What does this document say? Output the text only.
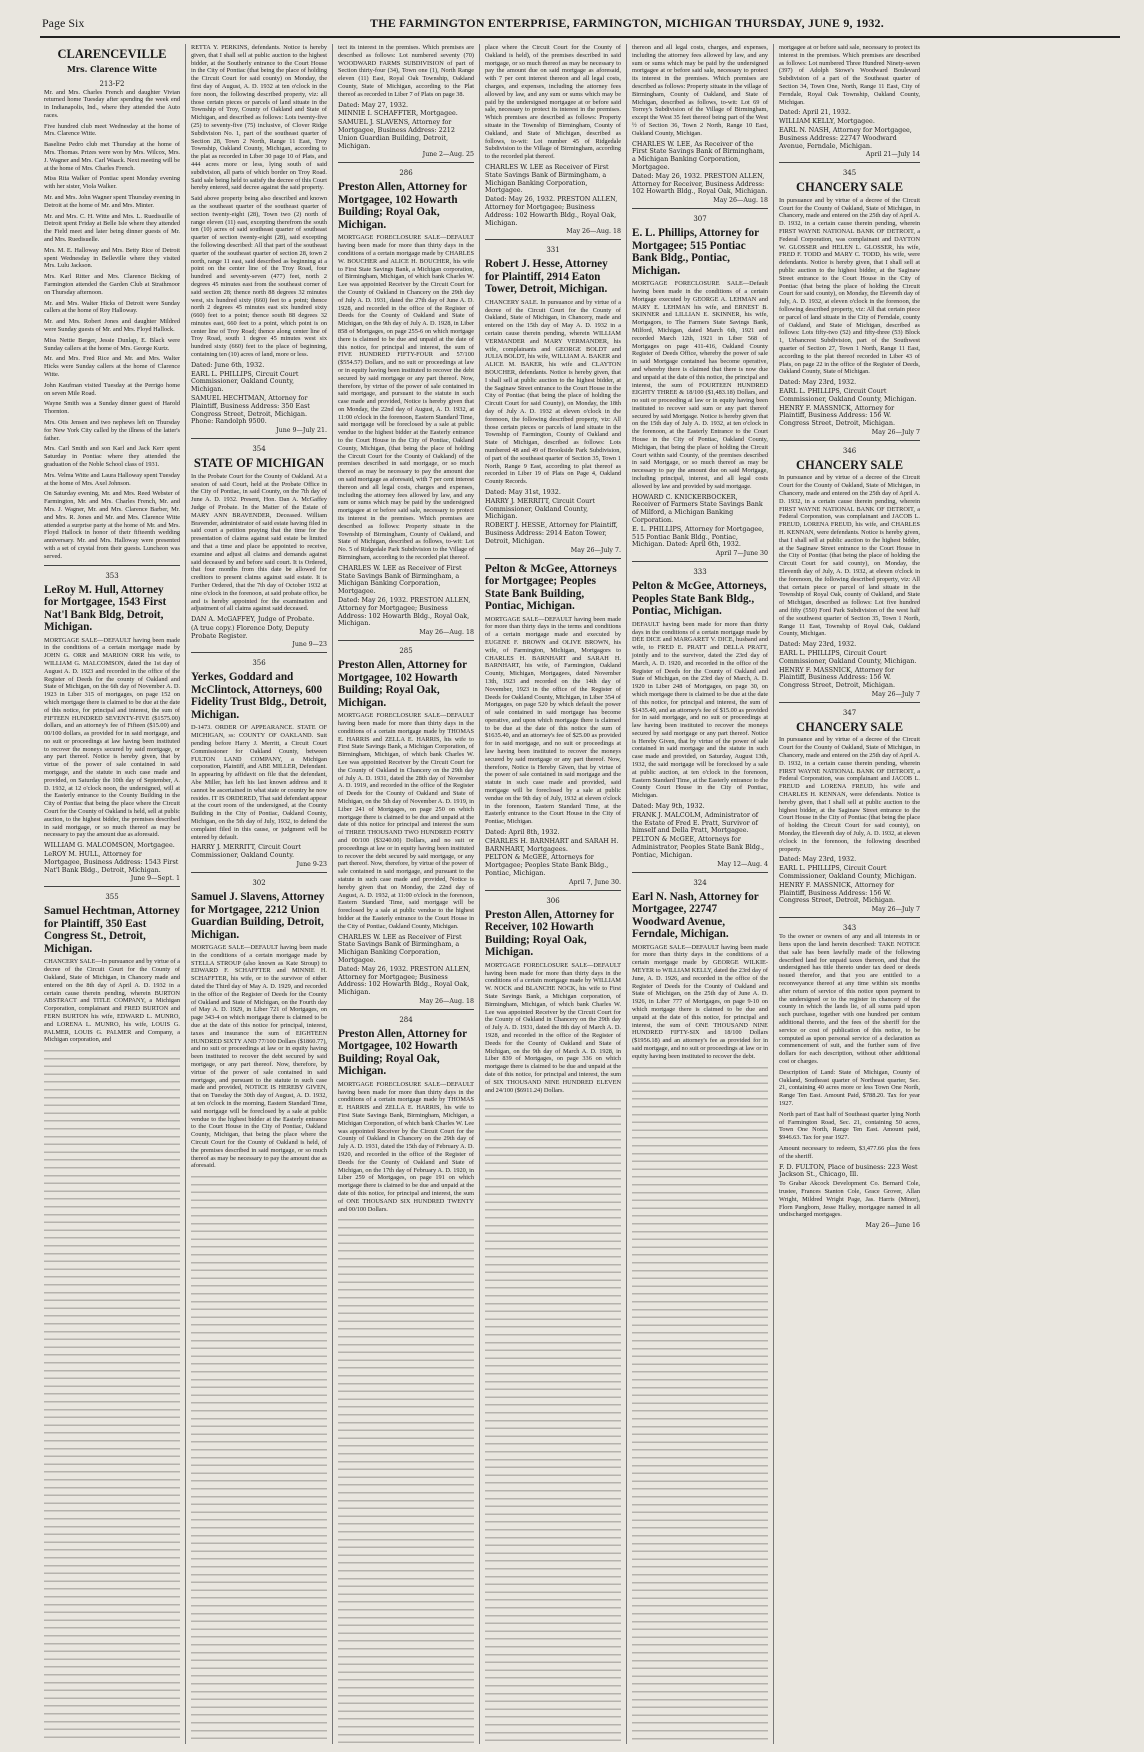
Page Six	THE FARMINGTON ENTERPRISE, FARMINGTON, MICHIGAN THURSDAY, JUNE 9, 1932.
CLARENCEVILLE
Mrs. Clarence Witte
213-F2

Mr. and Mrs. Charles French and daughter Vivian returned home Tuesday after spending the week end in Indianapolis, Ind., where they attended the Auto races.

Five hundred club meet Wednesday at the home of Mrs. Clarence Witte.

Baseline Pedro club met Thursday at the home of Mrs. Thomas. Prizes were won by Mrs. Wilcox, Mrs. J. Wagner and Mrs. Carl Waack. Next meeting will be at the home of Mrs. Charles French.

Miss Rita Walker of Pontiac spent Monday evening with her sister, Viola Walker.

Mr. and Mrs. John Wagner spent Thursday evening in Detroit at the home of Mr. and Mrs. Minter.

Mr. and Mrs. C. H. Witte and Mrs. L. Ruedisuille of Detroit spent Friday at Belle Isle where they attended the Field meet and later being dinner guests of Mr. and Mrs. Ruedisuelle.

Mrs. M. E. Halloway and Mrs. Betty Rice of Detroit spent Wednesday in Belleville where they visited Mrs. Lulu Jackson.

Mrs. Karl Ritter and Mrs. Clarence Bicking of Farmington attended the Garden Club at Strathmoor on Thursday afternoon.

Mr. and Mrs. Walter Hicks of Detroit were Sunday callers at the home of Roy Halloway.

Mr. and Mrs. Robert Jones and daughter Mildred were Sunday guests of Mr. and Mrs. Floyd Hallock.

Miss Nettie Berger, Jessie Dunlap, E. Black were Sunday callers at the home of Mrs. George Kurtz.

Mr. and Mrs. Fred Rice and Mr. and Mrs. Walter Hicks were Sunday callers at the home of Clarence Witte.

John Kaufman visited Tuesday at the Perrigo home on seven Mile Road.

Wayne Smith was a Sunday dinner guest of Harold Thornton.

Mrs. Otis Jensen and two nephews left on Thursday for New York City called by the illness of the latter's father.

Mrs. Carl Smith and son Karl and Jack Kerr spent Saturday in Pontiac where they attended the graduation of the Noble School class of 1931.

Mrs. Velma Witte and Laura Halloway spent Tuesday at the home of Mrs. Axel Johnson.

On Saturday evening, Mr. and Mrs. Reed Webster of Farmington, Mr. and Mrs. Charles French, Mr. and Mrs. J. Wagner, Mr. and Mrs. Clarence Barber, Mr. and Mrs. R. Jones and Mr. and Mrs. Clarence Witte attended a surprise party at the home of Mr. and Mrs. Floyd Hallock in honor of their fifteenth wedding anniversary. Mr. and Mrs. Halloway were presented with a set of crystal from their guests. Luncheon was served.

353
LeRoy M. Hull, Attorney for Mortgagee, 1543 First Nat'l Bank Bldg, Detroit, Michigan.

MORTGAGE SALE—DEFAULT having been made in the conditions of a certain mortgage made by JOHN G. ORR and MARION ORR his wife, to WILLIAM G. MALCOMSON, dated the 1st day of August A. D. 1923 and recorded in the office of the Register of Deeds for the county of Oakland and State of Michigan, on the 6th day of November A. D. 1923 in Liber 315 of mortgages, on page 152 on which mortgage there is claimed to be due at the date of this notice, for principal and interest, the sum of FIFTEEN HUNDRED SEVENTY-FIVE ($1575.00) dollars, and an attorney's fee of Fifteen ($15.00) and 00/100 dollars, as provided for in said mortgage, and no suit or proceedings at law having been instituted to recover the moneys secured by said mortgage, or any part thereof. Notice is hereby given, that by virtue of the power of sale contained in said mortgage, and the statute in such case made and provided, on Saturday the 10th day of September, A. D. 1932, at 12 o'clock noon, the undersigned, will at the Easterly entrance to the County Building in the City of Pontiac that being the place where the Circuit Court for the County of Oakland is held, sell at public auction, to the highest bidder, the premises described in said mortgage, or so much thereof as may be necessary to pay the amount due as aforesaid.

WILLIAM G. MALCOMSON, Mortgagee.

LeROY M. HULL, Attorney for Mortgagee, Business Address: 1543 First Nat'l Bank Bldg., Detroit, Michigan.

June 9—Sept. 1
355
Samuel Hechtman, Attorney for Plaintiff, 350 East Congress St., Detroit, Michigan.

CHANCERY SALE—In pursuance and by virtue of a decree of the Circuit Court for the County of Oakland, State of Michigan, in Chancery made and entered on the 8th day of April A. D. 1932 in a certain cause therein pending, wherein BURTON ABSTRACT and TITLE COMPANY, a Michigan Corporation, complainant and FRED BURTON and FERN BURTON his wife, EDWARD L. MUNRO, and LORENA L. MUNRO, his wife, LOUIS G. PALMER, LOUIS G. PALMER and Company, a Michigan corporation, and

RETTA Y. PERKINS, defendants. Notice is hereby given, that I shall sell at public auction to the highest bidder, at the Southerly entrance to the Court House in the City of Pontiac (that being the place of holding the Circuit Court for said county) on Monday, the first day of August, A. D. 1932 at ten o'clock in the fore noon, the following described property, viz: all those certain pieces or parcels of land situate in the Township of Troy, County of Oakland and State of Michigan, and described as follows: Lots twenty-five (25) to seventy-five (75) inclusive, of Clover Ridge Subdivision No. 1, part of the southeast quarter of Section 28, Town 2 North, Range 11 East, Troy Township, Oakland County, Michigan, according to the plat as recorded in Liber 30 page 10 of Plats, and 444 acres more or less, lying south of said subdivision, all parts of which border on Troy Road. Said sale being held to satisfy the decree of this Court hereby entered, said decree against the said property.

Said above property being also described and known as the southeast quarter of the southeast quarter of section twenty-eight (28), Town two (2) north of range eleven (11) east, excepting therefrom the south ten (10) acres of said southeast quarter of southeast quarter of section twenty-eight (28), said excepting the following described: All that part of the southeast quarter of the southeast quarter of section 28, town 2 north, range 11 east, said described as beginning at a point on the center line of the Troy Road, four hundred and seventy-seven (477) feet, north 2 degrees 45 minutes east from the southeast corner of said section 28; thence north 88 degrees 32 minutes west, six hundred sixty (660) feet to a point; thence north 2 degrees 45 minutes east six hundred sixty (660) feet to a point; thence south 88 degrees 32 minutes east, 660 feet to a point, which point is on center line of Troy Road; thence along center line of Troy Road, south 1 degree 45 minutes west six hundred sixty (660) feet to the place of beginning, containing ten (10) acres of land, more or less.

Dated: June 6th, 1932.

EARL L. PHILLIPS, Circuit Court Commissioner, Oakland County, Michigan.

SAMUEL HECHTMAN, Attorney for Plaintiff, Business Address: 350 East Congress Street, Detroit, Michigan. Phone: Randolph 9500.

June 9—July 21.
354
STATE OF MICHIGAN

In the Probate Court for the County of Oakland. At a session of said Court, held at the Probate Office in the City of Pontiac, in said County, on the 7th day of June A. D. 1932. Present, Hon. Dan A. McGaffey Judge of Probate. In the Matter of the Estate of MARY ANN BRAVENDER, Deceased. William Bravender, administrator of said estate having filed in said court a petition praying that the time for the presentation of claims against said estate be limited and that a time and place be appointed to receive, examine and adjust all claims and demands against said deceased by and before said court. It is Ordered, that four months from this date be allowed for creditors to present claims against said estate. It is Further Ordered, that the 7th day of October 1932 at nine o'clock in the forenoon, at said probate office, be and is hereby appointed for the examination and adjustment of all claims against said deceased.

DAN A. McGAFFEY, Judge of Probate.

(A true copy.) Florence Doty, Deputy Probate Register.

June 9—23
356
Yerkes, Goddard and McClintock, Attorneys, 600 Fidelity Trust Bldg., Detroit, Michigan.

D-1473. ORDER OF APPEARANCE. STATE OF MICHIGAN, ss: COUNTY OF OAKLAND. Suit pending before Harry J. Merritt, a Circuit Court Commissioner for Oakland County, between FULTON LAND COMPANY, a Michigan corporation, Plaintiff, and ABE MILLER, Defendant. In appearing by affidavit on file that the defendant, Abe Miller, has left his last known address and it cannot be ascertained in what state or country he now resides. IT IS ORDERED, That said defendant appear at the court room of the undersigned, at the County Building in the City of Pontiac, Oakland County, Michigan, on the 5th day of July, 1932, to defend the complaint filed in this cause, or judgment will be entered by default.

HARRY J. MERRITT, Circuit Court Commissioner, Oakland County.

June 9-23
302
Samuel J. Slavens, Attorney for Mortgagee, 2212 Union Guardian Building, Detroit, Michigan.

MORTGAGE SALE—DEFAULT having been made in the conditions of a certain mortgage made by STELLA STROUP (also known as Kate Stroup) to EDWARD F. SCHAFFTER and MINNIE H. SCHAFFTER, his wife, or to the survivor of either dated the Third day of May A. D. 1929, and recorded in the office of the Register of Deeds for the County of Oakland and State of Michigan, on the Fourth day of May A. D. 1929, in Liber 721 of Mortgages, on page 343-4 on which mortgage there is claimed to be due at the date of this notice for principal, interest, taxes and insurance the sum of EIGHTEEN HUNDRED SIXTY AND 77/100 Dollars ($1860.77), and no suit or proceedings at law or in equity having been instituted to recover the debt secured by said mortgage, or any part thereof. Now, therefore, by virtue of the power of sale contained in said mortgage, and pursuant to the statute in such case made and provided, NOTICE IS HEREBY GIVEN, that on Tuesday the 30th day of August, A. D. 1932, at ten o'clock in the morning, Eastern Standard Time, said mortgage will be foreclosed by a sale at public vendue to the highest bidder at the Easterly entrance to the Court House in the City of Pontiac, Oakland County, Michigan, that being the place where the Circuit Court for the County of Oakland is held, of the premises described in said mortgage, or so much thereof as may be necessary to pay the amount due as aforesaid.

tect its interest in the premises. Which premises are described as follows: Lot numbered seventy (70) WOODWARD FARMS SUBDIVISION of part of Section thirty-four (34), Town one (1), North Range eleven (11) East, Royal Oak Township, Oakland County, State of Michigan, according to the Plat thereof as recorded in Liber 7 of Plats on page 38.

Dated: May 27, 1932.

MINNIE I. SCHAFFTER, Mortgagee.

SAMUEL J. SLAVENS, Attorney for Mortgagee, Business Address: 2212 Union Guardian Building, Detroit, Michigan.

June 2—Aug. 25
286
Preston Allen, Attorney for Mortgagee, 102 Howarth Building; Royal Oak, Michigan.

MORTGAGE FORECLOSURE SALE—DEFAULT having been made for more than thirty days in the conditions of a certain mortgage made by CHARLES W. BOUCHER and ALICE H. BOUCHER, his wife to First State Savings Bank, a Michigan corporation, of Birmingham, Michigan, of which bank Charles W. Lee was appointed Receiver by the Circuit Court for the County of Oakland in Chancery on the 29th day of July A. D. 1931, dated the 27th day of June A. D. 1928, and recorded in the office of the Register of Deeds for the County of Oakland and State of Michigan, on the 9th day of July A. D. 1928, in Liber 858 of Mortgages, on page 255-6 on which mortgage there is claimed to be due and unpaid at the date of this notice, for principal and interest, the sum of FIVE HUNDRED FIFTY-FOUR and 57/100 ($554.57) Dollars, and no suit or proceedings at law or in equity having been instituted to recover the debt secured by said mortgage or any part thereof. Now, therefore, by virtue of the power of sale contained in said mortgage, and pursuant to the statute in such case made and provided, Notice is hereby given that on Monday, the 22nd day of August, A. D. 1932, at 11:00 o'clock in the forenoon, Eastern Standard Time, said mortgage will be foreclosed by a sale at public vendue to the highest bidder at the Easterly entrance to the Court House in the City of Pontiac, Oakland County, Michigan, (that being the place of holding the Circuit Court for the County of Oakland) of the premises described in said mortgage, or so much thereof as may be necessary to pay the amount due on said mortgage as aforesaid, with 7 per cent interest thereon and all legal costs, charges and expenses, including the attorney fees allowed by law, and any sum or sums which may be paid by the undersigned mortgagee at or before said sale, necessary to protect its interest in the premises. Which premises are described as follows: Property situate in the Township of Birmingham, County of Oakland, and State of Michigan, described as follows, to-wit: Lot No. 5 of Ridgedale Park Subdivision to the Village of Birmingham, according to the recorded plat thereof.

CHARLES W. LEE as Receiver of First State Savings Bank of Birmingham, a Michigan Banking Corporation, Mortgagee.

Dated: May 26, 1932. PRESTON ALLEN, Attorney for Mortgagee; Business Address: 102 Howarth Bldg., Royal Oak, Michigan.

May 26—Aug. 18
285
Preston Allen, Attorney for Mortgagee, 102 Howarth Building; Royal Oak, Michigan.

MORTGAGE FORECLOSURE SALE—DEFAULT having been made for more than thirty days in the conditions of a certain mortgage made by THOMAS E. HARRIS and ZELLA E. HARRIS, his wife to First State Savings Bank, a Michigan Corporation, of Birmingham, Michigan, of which bank Charles W. Lee was appointed Receiver by the Circuit Court for the County of Oakland in Chancery on the 29th day of July A. D. 1931, dated the 28th day of November A. D. 1919, and recorded in the office of the Register of Deeds for the County of Oakland and State of Michigan, on the 5th day of November A. D. 1919, in Liber 241 of Mortgages, on page 250 on which mortgage there is claimed to be due and unpaid at the date of this notice for principal and interest the sum of THREE THOUSAND TWO HUNDRED FORTY and 00/100 ($3240.00) Dollars, and no suit or proceedings at law or in equity having been instituted to recover the debt secured by said mortgage, or any part thereof. Now, therefore, by virtue of the power of sale contained in said mortgage, and pursuant to the statute in such case made and provided, Notice is hereby given that on Monday, the 22nd day of August, A. D. 1932, at 11:00 o'clock in the forenoon, Eastern Standard Time, said mortgage will be foreclosed by a sale at public vendue to the highest bidder at the Easterly entrance to the Court House in the City of Pontiac, Oakland County, Michigan.

CHARLES W. LEE as Receiver of First State Savings Bank of Birmingham, a Michigan Banking Corporation, Mortgagee.

Dated: May 26, 1932. PRESTON ALLEN, Attorney for Mortgagee; Business Address: 102 Howarth Bldg., Royal Oak, Michigan.

May 26—Aug. 18
284
Preston Allen, Attorney for Mortgagee, 102 Howarth Building; Royal Oak, Michigan.

MORTGAGE FORECLOSURE SALE—DEFAULT having been made for more than thirty days in the conditions of a certain mortgage made by THOMAS E. HARRIS and ZELLA E. HARRIS, his wife to First State Savings Bank, Birmingham, Michigan, a Michigan Corporation, of which bank Charles W. Lee was appointed Receiver by the Circuit Court for the County of Oakland in Chancery on the 29th day of July A. D. 1931, dated the 15th day of February A. D. 1920, and recorded in the office of the Register of Deeds for the County of Oakland and State of Michigan, on the 17th day of February A. D. 1920, in Liber 259 of Mortgages, on page 191 on which mortgage there is claimed to be due and unpaid at the date of this notice, for principal and interest, the sum of ONE THOUSAND SIX HUNDRED TWENTY and 00/100 Dollars.

place where the Circuit Court for the County of Oakland is held), of the premises described in said mortgage, or so much thereof as may be necessary to pay the amount due on said mortgage as aforesaid, with 7 per cent interest thereon and all legal costs, charges, and expenses, including the attorney fees allowed by law, and any sum or sums which may be paid by the undersigned mortgagee at or before said sale, necessary to protect its interest in the premises. Which premises are described as follows: Property situate in the Township of Birmingham, County of Oakland, and State of Michigan, described as follows, to-wit: Lot number 45 of Ridgedale Subdivision to the Village of Birmingham, according to the recorded plat thereof.

CHARLES W. LEE as Receiver of First State Savings Bank of Birmingham, a Michigan Banking Corporation, Mortgagee.

Dated: May 26, 1932. PRESTON ALLEN, Attorney for Mortgagee; Business Address: 102 Howarth Bldg., Royal Oak, Michigan.

May 26—Aug. 18
331
Robert J. Hesse, Attorney for Plaintiff, 2914 Eaton Tower, Detroit, Michigan.

CHANCERY SALE. In pursuance and by virtue of a decree of the Circuit Court for the County of Oakland, State of Michigan, in Chancery, made and entered on the 15th day of May A. D. 1932 in a certain cause therein pending, wherein WILLIAM VERMANDER and MARY VERMANDER, his wife, complainants and GEORGE BOLDT and JULIA BOLDT, his wife, WILLIAM A. BAKER and ALICE M. BAKER, his wife and CLAYTON BOUCHER, defendants. Notice is hereby given, that I shall sell at public auction to the highest bidder, at the Saginaw Street entrance to the Court House in the City of Pontiac (that being the place of holding the Circuit Court for said County), on Monday, the 18th day of July A. D. 1932 at eleven o'clock in the forenoon, the following described property, viz: All those certain pieces or parcels of land situate in the Township of Farmington, County of Oakland and State of Michigan, described as follows: Lots numbered 48 and 49 of Brookside Park Subdivision, of part of the southeast quarter of Section 35, Town 1 North, Range 9 East, according to plat thereof as recorded in Liber 19 of Plats on Page 4, Oakland County Records.

Dated: May 31st, 1932.

HARRY J. MERRITT, Circuit Court Commissioner, Oakland County, Michigan.

ROBERT J. HESSE, Attorney for Plaintiff, Business Address: 2914 Eaton Tower, Detroit, Michigan.

May 26—July 7.
Pelton & McGee, Attorneys for Mortgagee; Peoples State Bank Building, Pontiac, Michigan.

MORTGAGE SALE—DEFAULT having been made for more than thirty days in the terms and conditions of a certain mortgage made and executed by EUGENE F. BROWN and OLIVE BROWN, his wife, of Farmington, Michigan, Mortgagors to CHARLES H. BARNHART and SARAH H. BARNHART, his wife, of Farmington, Oakland County, Michigan, Mortgagees, dated November 13th, 1923 and recorded on the 14th day of November, 1923 in the office of the Register of Deeds for Oakland County, Michigan, in Liber 354 of Mortgages, on page 520 by which default the power of sale contained in said mortgage has become operative, and upon which mortgage there is claimed to be due at the date of this notice the sum of $1635.40, and an attorney's fee of $25.00 as provided for in said mortgage, and no suit or proceedings at law having been instituted to recover the moneys secured by said mortgage or any part thereof. Now, therefore, Notice is Hereby Given, that by virtue of the power of sale contained in said mortgage and the statute in such case made and provided, said mortgage will be foreclosed by a sale at public vendue on the 9th day of July, 1932 at eleven o'clock in the forenoon, Eastern Standard Time, at the Easterly entrance to the Court House in the City of Pontiac, Michigan.

Dated: April 8th, 1932.

CHARLES H. BARNHART and SARAH H. BARNHART, Mortgagees.

PELTON & McGEE, Attorneys for Mortgagee; Peoples State Bank Bldg., Pontiac, Michigan.

April 7, June 30.
306
Preston Allen, Attorney for Receiver, 102 Howarth Building; Royal Oak, Michigan.

MORTGAGE FORECLOSURE SALE—DEFAULT having been made for more than thirty days in the conditions of a certain mortgage made by WILLIAM W. NOCK and BLANCHE NOCK, his wife to First State Savings Bank, a Michigan corporation, of Birmingham, Michigan, of which bank Charles W. Lee was appointed Receiver by the Circuit Court for the County of Oakland in Chancery on the 29th day of July A. D. 1931, dated the 8th day of March A. D. 1928, and recorded in the office of the Register of Deeds for the County of Oakland and State of Michigan, on the 9th day of March A. D. 1928, in Liber 839 of Mortgages, on page 336 on which mortgage there is claimed to be due and unpaid at the date of this notice, for principal and interest, the sum of SIX THOUSAND NINE HUNDRED ELEVEN and 24/100 ($6911.24) Dollars.

thereon and all legal costs, charges, and expenses, including the attorney fees allowed by law, and any sum or sums which may be paid by the undersigned mortgagee at or before said sale, necessary to protect its interest in the premises. Which premises are described as follows: Property situate in the village of Birmingham, County of Oakland, and State of Michigan, described as follows, to-wit: Lot 69 of Torrey's Subdivision of the Village of Birmingham, except the West 35 feet thereof being part of the West ½ of Section 36, Town 2 North, Range 10 East, Oakland County, Michigan.

CHARLES W. LEE, As Receiver of the First State Savings Bank of Birmingham, a Michigan Banking Corporation, Mortgagee.

Dated: May 26, 1932. PRESTON ALLEN, Attorney for Receiver, Business Address: 102 Howarth Bldg., Royal Oak, Michigan.

May 26—Aug. 18
307
E. L. Phillips, Attorney for Mortgagee; 515 Pontiac Bank Bldg., Pontiac, Michigan.

MORTGAGE FORECLOSURE SALE—Default having been made in the conditions of a certain Mortgage executed by GEORGE A. LEHMAN and MARY E. LEHMAN his wife, and ERNEST B. SKINNER and LILLIAN E. SKINNER, his wife, Mortgagors, to The Farmers State Savings Bank, Milford, Michigan, dated March 6th, 1921 and recorded March 12th, 1921 in Liber 568 of Mortgages on page 411-416, Oakland County Register of Deeds Office, whereby the power of sale in said Mortgage contained has become operative, and whereby there is claimed that there is now due and unpaid at the date of this notice, the principal and interest, the sum of FOURTEEN HUNDRED EIGHTY THREE & 18/100 ($1,483.18) Dollars, and no suit or proceeding at law or in equity having been instituted to recover said sum or any part thereof secured by said Mortgage. Notice is hereby given that on the 15th day of July A. D. 1932, at ten o'clock in the forenoon, at the Easterly Entrance to the Court House in the City of Pontiac, Oakland County, Michigan, that being the place of holding the Circuit Court within said County, of the premises described in said Mortgage, or so much thereof as may be necessary to pay the amount due on said Mortgage, including principal, interest, and all legal costs allowed by law and provided by said mortgage.

HOWARD C. KNICKERBOCKER, Receiver of Farmers State Savings Bank of Milford, a Michigan Banking Corporation.

E. L. PHILLIPS, Attorney for Mortgagee, 515 Pontiac Bank Bldg., Pontiac, Michigan. Dated: April 6th, 1932.

April 7—June 30
333
Pelton & McGee, Attorneys, Peoples State Bank Bldg., Pontiac, Michigan.

DEFAULT having been made for more than thirty days in the conditions of a certain mortgage made by DEE DICE and MARGARET V. DICE, husband and wife, to FRED E. PRATT and DELLA PRATT, jointly and to the survivor, dated the 23rd day of March, A. D. 1920, and recorded in the office of the Register of Deeds for the County of Oakland and State of Michigan, on the 23rd day of March, A. D. 1920 in Liber 248 of Mortgages, on page 30, on which mortgage there is claimed to be due at the date of this notice, for principal and interest, the sum of $1435.40, and an attorney's fee of $15.00 as provided for in said mortgage, and no suit or proceedings at law having been instituted to recover the moneys secured by said mortgage or any part thereof. Notice is Hereby Given, that by virtue of the power of sale contained in said mortgage and the statute in such case made and provided, on Saturday, August 13th, 1932, the said mortgage will be foreclosed by a sale at public auction, at ten o'clock in the forenoon, Eastern Standard Time, at the Easterly entrance to the County Court House in the City of Pontiac, Michigan.

Dated: May 9th, 1932.

FRANK J. MALCOLM, Administrator of the Estate of Fred E. Pratt, Survivor of himself and Della Pratt, Mortgagee.

PELTON & McGEE, Attorneys for Administrator, Peoples State Bank Bldg., Pontiac, Michigan.

May 12—Aug. 4
324
Earl N. Nash, Attorney for Mortgagee, 22747 Woodward Avenue, Ferndale, Michigan.

MORTGAGE SALE—DEFAULT having been made for more than thirty days in the conditions of a certain mortgage made by GEORGE WILKIE-MEYER to WILLIAM KELLY, dated the 23rd day of June, A. D. 1926, and recorded in the office of the Register of Deeds for the County of Oakland and State of Michigan, on the 25th day of June A. D. 1926, in Liber 777 of Mortgages, on page 9-10 on which mortgage there is claimed to be due and unpaid at the date of this notice, for principal and interest, the sum of ONE THOUSAND NINE HUNDRED FIFTY-SIX and 18/100 Dollars ($1956.18) and an attorney's fee as provided for in said mortgage, and no suit or proceedings at law or in equity having been instituted to recover the debt.

mortgagee at or before said sale, necessary to protect its interest in the premises. Which premises are described as follows: Lot numbered Three Hundred Ninety-seven (397) of Adolph Stowe's Woodward Boulevard Subdivision of a part of the Southeast quarter of Section 34, Town One, North, Range 11 East, City of Ferndale, Royal Oak Township, Oakland County, Michigan.

Dated: April 21, 1932.

WILLIAM KELLY, Mortgagee.

EARL N. NASH, Attorney for Mortgagee, Business Address: 22747 Woodward Avenue, Ferndale, Michigan.

April 21—July 14
345
CHANCERY SALE

In pursuance and by virtue of a decree of the Circuit Court for the County of Oakland, State of Michigan, in Chancery, made and entered on the 25th day of April A. D. 1932, in a certain cause therein pending, wherein FIRST WAYNE NATIONAL BANK OF DETROIT, a Federal Corporation, was complainant and DAYTON W. GLOSSER and HELEN L. GLOSSER, his wife, FRED F. TODD and MARY C. TODD, his wife, were defendants. Notice is hereby given, that I shall sell at public auction to the highest bidder, at the Saginaw Street entrance to the Court House in the City of Pontiac (that being the place of holding the Circuit Court for said county), on Monday, the Eleventh day of July, A. D. 1932, at eleven o'clock in the forenoon, the following described property, viz: All that certain piece or parcel of land situate in the City of Ferndale, county of Oakland, and State of Michigan, described as follows: Lots fifty-two (52) and fifty-three (53) Block 1, Urbancrest Subdivision, part of the Southwest quarter of Section 27, Town 1 North, Range 11 East, according to the plat thereof recorded in Liber 43 of Plats, on page 22 in the office of the Register of Deeds, Oakland County, State of Michigan.

Dated: May 23rd, 1932.

EARL L. PHILLIPS, Circuit Court Commissioner, Oakland County, Michigan.

HENRY F. MASSNICK, Attorney for Plaintiff, Business Address: 156 W. Congress Street, Detroit, Michigan.

May 26—July 7
346
CHANCERY SALE

In pursuance and by virtue of a decree of the Circuit Court for the County of Oakland, State of Michigan, in Chancery, made and entered on the 25th day of April A. D. 1932, in a certain cause therein pending, wherein FIRST WAYNE NATIONAL BANK OF DETROIT, a Federal Corporation, was complainant and JACOB L. FREUD, LORENA FREUD, his wife, and CHARLES H. KENNAN, were defendants. Notice is hereby given, that I shall sell at public auction to the highest bidder, at the Saginaw Street entrance to the Court House in the City of Pontiac (that being the place of holding the Circuit Court for said county), on Monday, the Eleventh day of July, A. D. 1932, at eleven o'clock in the forenoon, the following described property, viz: All that certain piece or parcel of land situate in the Township of Royal Oak, county of Oakland, and State of Michigan, described as follows: Lot five hundred and fifty (550) Ford Park Subdivision of the west half of the southwest quarter of Section 35, Town 1 North, Range 11 East, Township of Royal Oak, Oakland County, Michigan.

Dated: May 23rd, 1932.

EARL L. PHILLIPS, Circuit Court Commissioner, Oakland County, Michigan.

HENRY F. MASSNICK, Attorney for Plaintiff, Business Address: 156 W. Congress Street, Detroit, Michigan.

May 26—July 7
347
CHANCERY SALE

In pursuance and by virtue of a decree of the Circuit Court for the County of Oakland, State of Michigan, in Chancery, made and entered on the 25th day of April A. D. 1932, in a certain cause therein pending, wherein FIRST WAYNE NATIONAL BANK OF DETROIT, a Federal Corporation, was complainant and JACOB L. FREUD and LORENA FREUD, his wife and CHARLES H. KENNAN, were defendants. Notice is hereby given, that I shall sell at public auction to the highest bidder, at the Saginaw Street entrance to the Court House in the City of Pontiac (that being the place of holding the Circuit Court for said county), on Monday, the Eleventh day of July, A. D. 1932, at eleven o'clock in the forenoon, the following described property.

Dated: May 23rd, 1932.

EARL L. PHILLIPS, Circuit Court Commissioner, Oakland County, Michigan.

HENRY F. MASSNICK, Attorney for Plaintiff, Business Address: 156 W. Congress Street, Detroit, Michigan.

May 26—July 7
343

To the owner or owners of any and all interests in or liens upon the land herein described: TAKE NOTICE that sale has been lawfully made of the following described land for unpaid taxes thereon, and that the undersigned has title thereto under tax deed or deeds issued therefor, and that you are entitled to a reconveyance thereof at any time within six months after return of service of this notice upon payment to the undersigned or to the register in chancery of the county in which the lands lie, of all sums paid upon such purchase, together with one hundred per centum additional thereto, and the fees of the sheriff for the service or cost of publication of this notice, to be computed as upon personal service of a declaration as commencement of suit, and the further sum of five dollars for each description, without other additional cost or charges.

Description of Land: State of Michigan, County of Oakland, Southeast quarter of Northeast quarter, Sec. 21, containing 40 acres more or less Town One North, Range Ten East. Amount Paid, $788.20. Tax for year 1927.

North part of East half of Southeast quarter lying North of Farmington Road, Sec. 21, containing 50 acres, Town One North, Range Ten East. Amount paid, $946.63. Tax for year 1927.

Amount necessary to redeem, $3,477.66 plus the fees of the sheriff.

F. D. FULTON, Place of business: 223 West Jackson St., Chicago, Ill.

To Grabar Akcock Development Co. Bernard Cole, trustee, Frances Stanton Cole, Grace Grover, Allan Wright, Mildred Wright Page, Jas. Harris (Minor), Florn Pangborn, Jesse Halley, mortgagee named in all undischarged mortgages.

May 26—June 16
